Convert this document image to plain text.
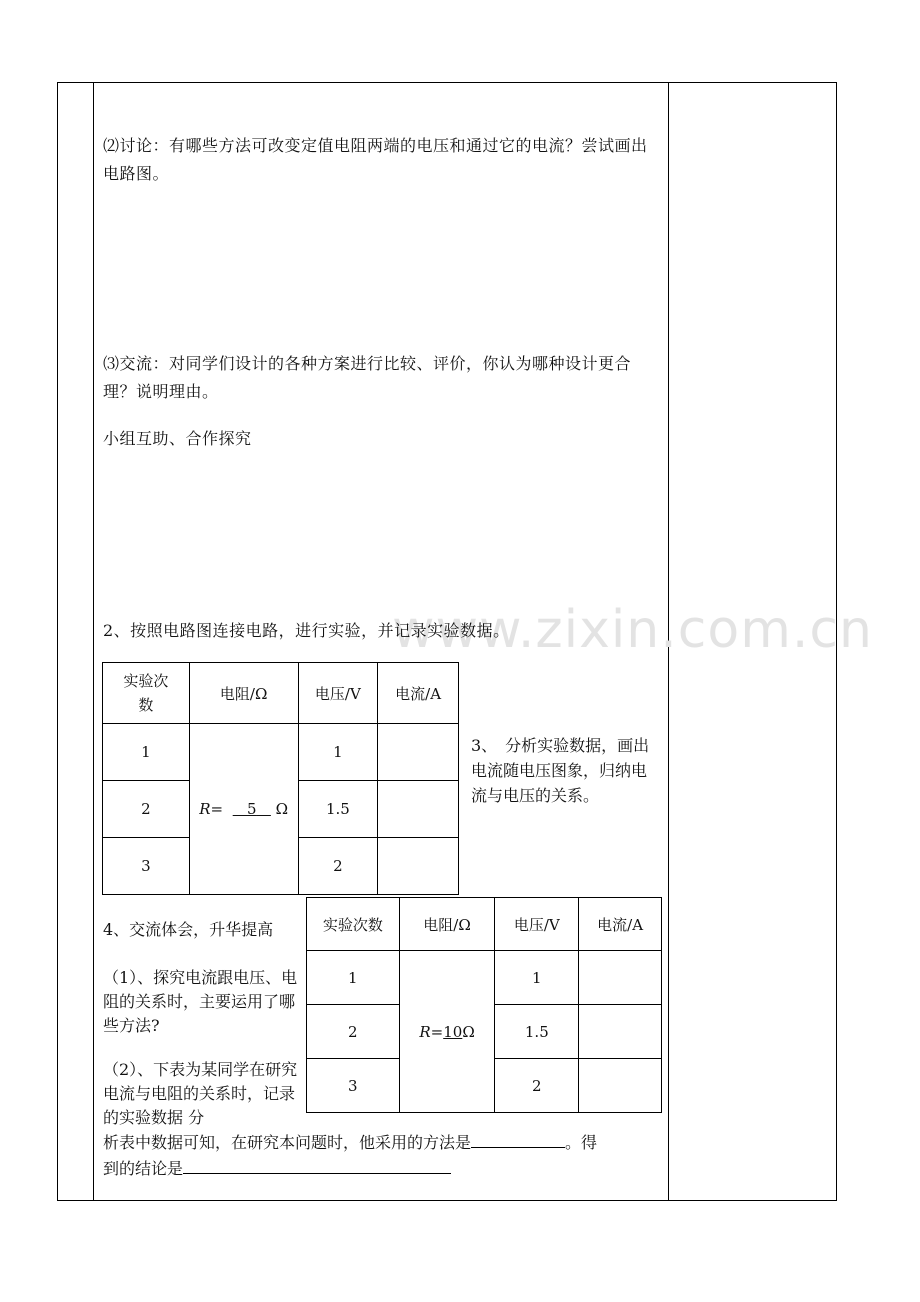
www.zixin.com.cn
⑵讨论：有哪些方法可改变定值电阻两端的电压和通过它的电流？尝试画出电路图。
⑶交流：对同学们设计的各种方案进行比较、评价，你认为哪种设计更合理？说明理由。
小组互助、合作探究
2、按照电路图连接电路，进行实验，并记录实验数据。
实验次数	电阻/Ω	电压/V	电流/A
1	R= 5 Ω	1	
2		1.5	
3		2	
3、　分析实验数据，画出电流随电压图象，归纳电流与电压的关系。
4、交流体会，升华提高
（1）、探究电流跟电压、电阻的关系时，主要运用了哪些方法?
（2）、下表为某同学在研究电流与电阻的关系时，记录的实验数据 分
实验次数	电阻/Ω	电压/V	电流/A
1	R=10Ω	1	
2		1.5	
3		2	
析表中数据可知，在研究本问题时，他采用的方法是	。得
到的结论是
